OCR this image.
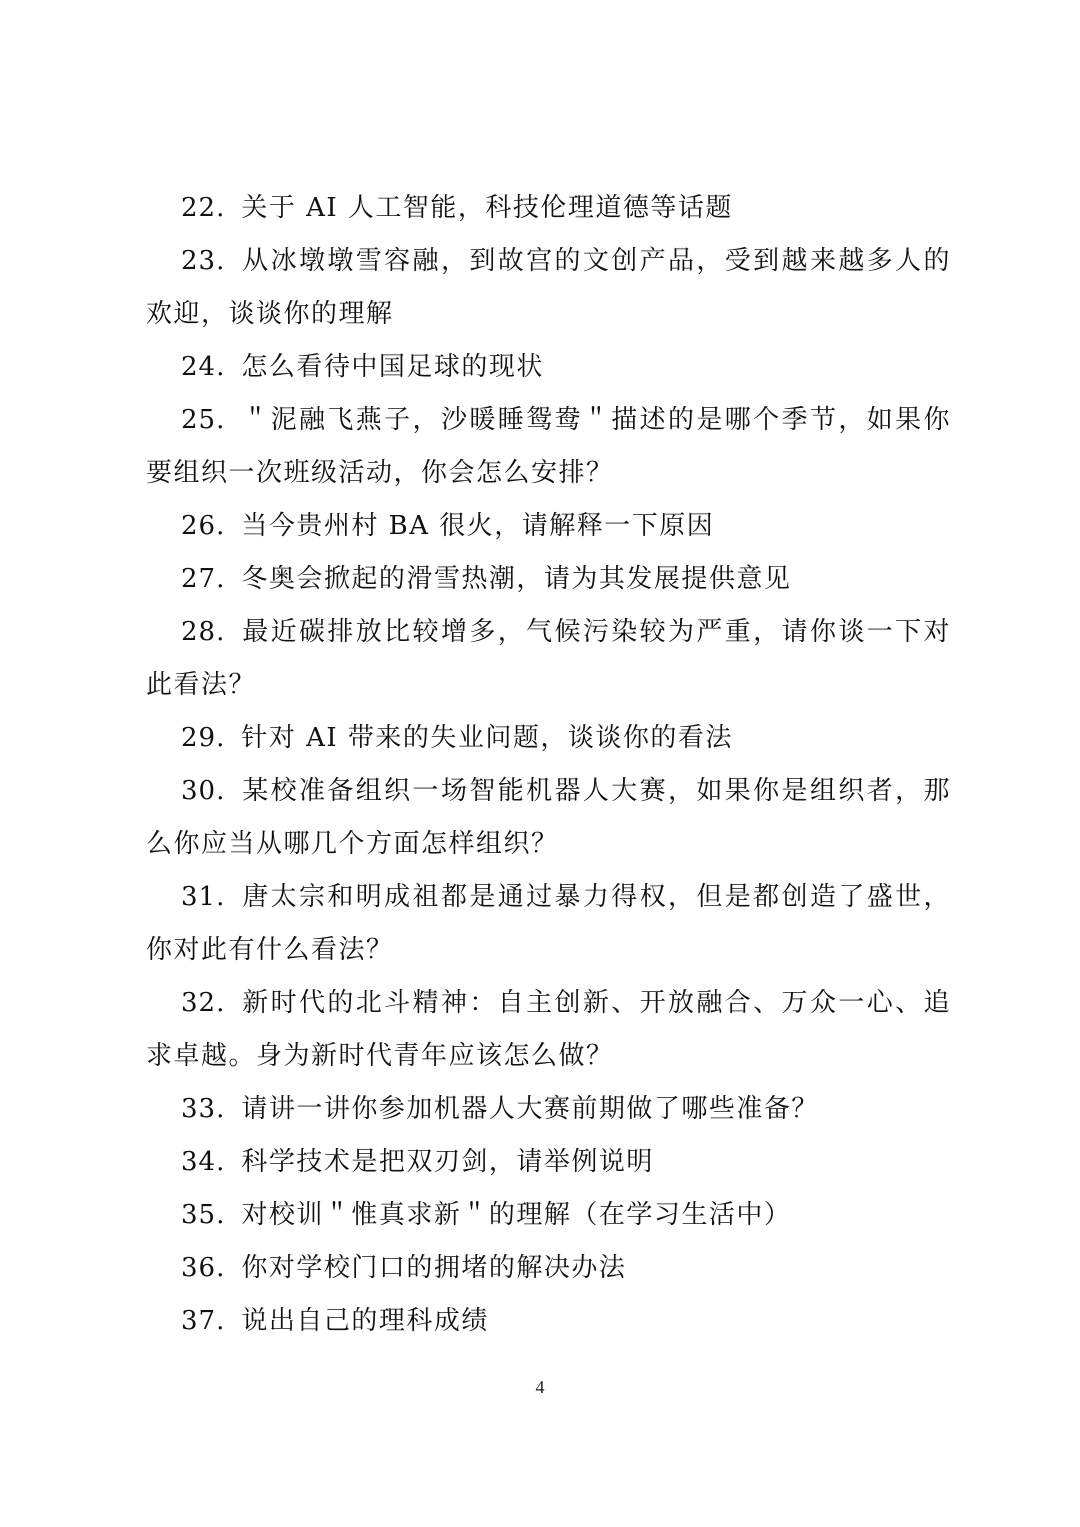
22. 关于 AI 人工智能，科技伦理道德等话题
23. 从冰墩墩雪容融，到故宫的文创产品，受到越来越多人的欢迎，谈谈你的理解
24. 怎么看待中国足球的现状
25. ＂泥融飞燕子，沙暖睡鸳鸯＂描述的是哪个季节，如果你要组织一次班级活动，你会怎么安排？
26. 当今贵州村 BA 很火，请解释一下原因
27. 冬奥会掀起的滑雪热潮，请为其发展提供意见
28. 最近碳排放比较增多，气候污染较为严重，请你谈一下对此看法？
29. 针对 AI 带来的失业问题，谈谈你的看法
30. 某校准备组织一场智能机器人大赛，如果你是组织者，那么你应当从哪几个方面怎样组织？
31. 唐太宗和明成祖都是通过暴力得权，但是都创造了盛世，你对此有什么看法？
32. 新时代的北斗精神：自主创新、开放融合、万众一心、追求卓越。身为新时代青年应该怎么做？
33. 请讲一讲你参加机器人大赛前期做了哪些准备？
34. 科学技术是把双刃剑，请举例说明
35. 对校训＂惟真求新＂的理解（在学习生活中）
36. 你对学校门口的拥堵的解决办法
37. 说出自己的理科成绩
4
